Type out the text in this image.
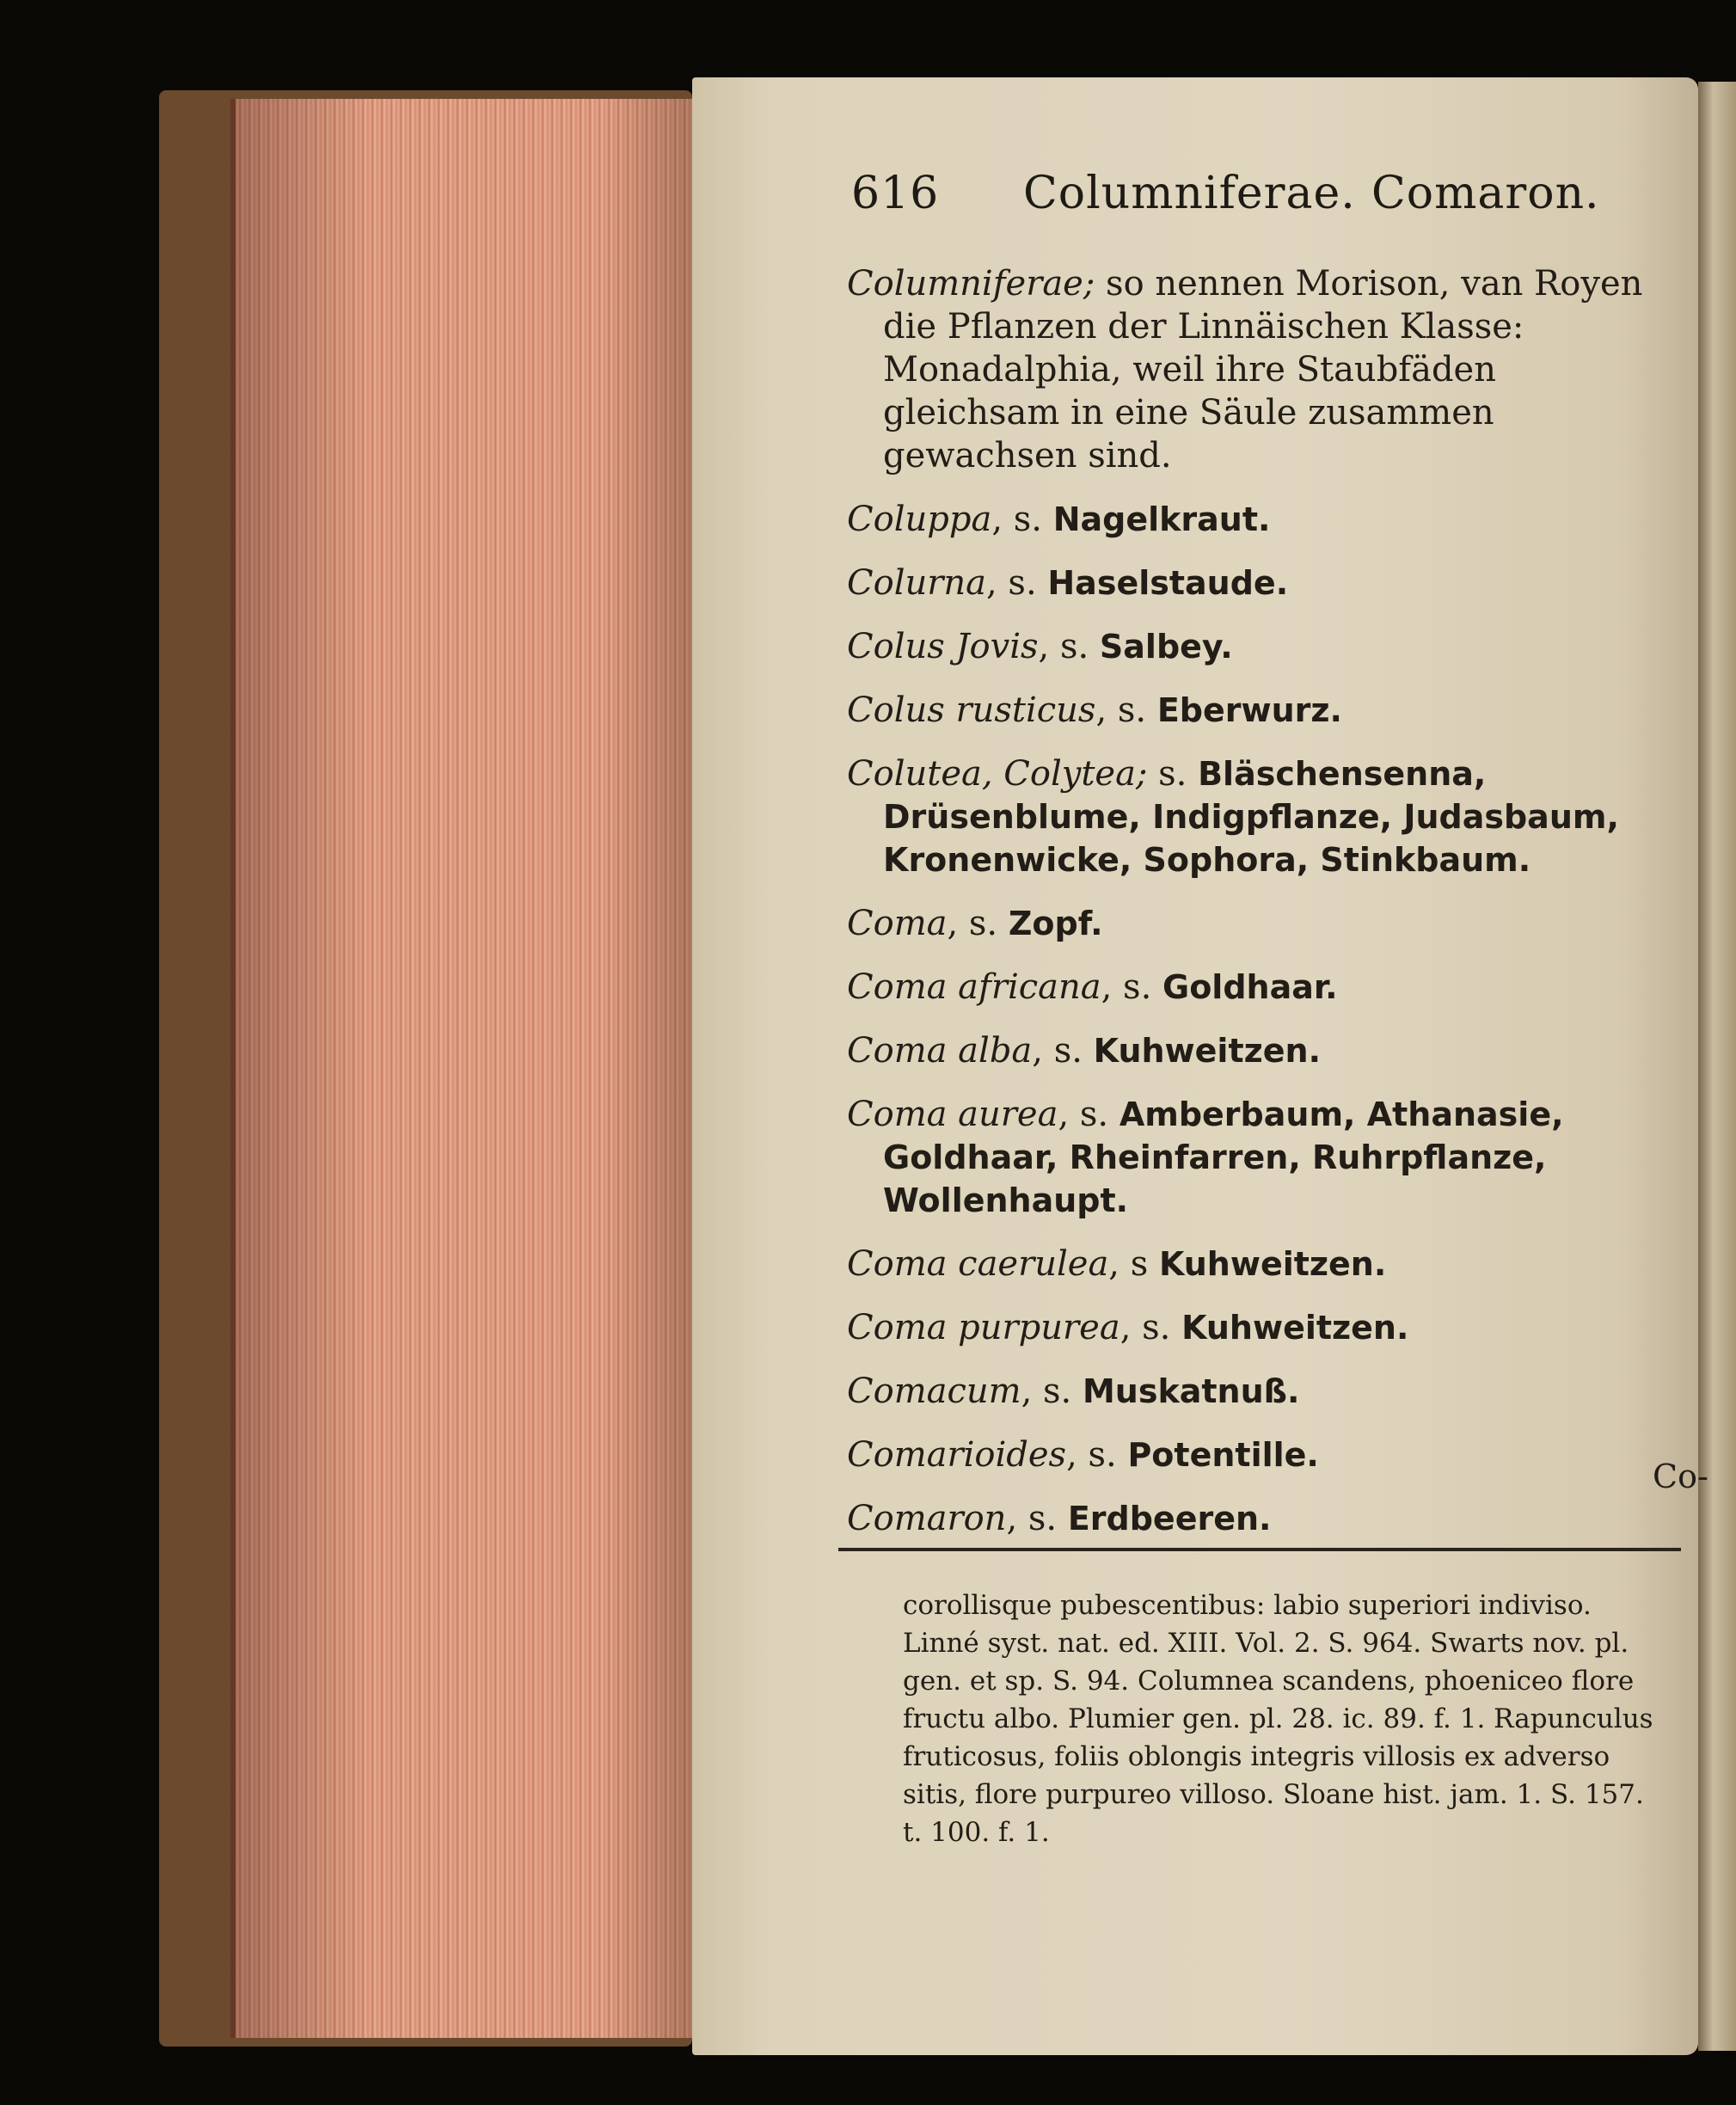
616 Columniferae. Comaron.

Columniferae; so nennen Morison, van Royen die Pflanzen der Linnäischen Klasse: Monadalphia, weil ihre Staubfäden gleichsam in eine Säule zusammen gewachsen sind.

Coluppa, s. Nagelkraut.

Colurna, s. Haselstaude.

Colus Jovis, s. Salbey.

Colus rusticus, s. Eberwurz.

Colutea, Colytea; s. Bläschensenna, Drüsenblume, Indigpflanze, Judasbaum, Kronenwicke, Sophora, Stinkbaum.

Coma, s. Zopf.

Coma africana, s. Goldhaar.

Coma alba, s. Kuhweitzen.

Coma aurea, s. Amberbaum, Athanasie, Goldhaar, Rheinfarren, Ruhrpflanze, Wollenhaupt.

Coma caerulea, s Kuhweitzen.

Coma purpurea, s. Kuhweitzen.

Comacum, s. Muskatnuß.

Comarioides, s. Potentille.

Comaron, s. Erdbeeren.

Co-
corollisque pubescentibus: labio superiori indiviso. Linné syst. nat. ed. XIII. Vol. 2. S. 964. Swarts nov. pl. gen. et sp. S. 94. Columnea scandens, phoeniceo flore fructu albo. Plumier gen. pl. 28. ic. 89. f. 1. Rapunculus fruticosus, foliis oblongis integris villosis ex adverso sitis, flore purpureo villoso. Sloane hist. jam. 1. S. 157. t. 100. f. 1.
